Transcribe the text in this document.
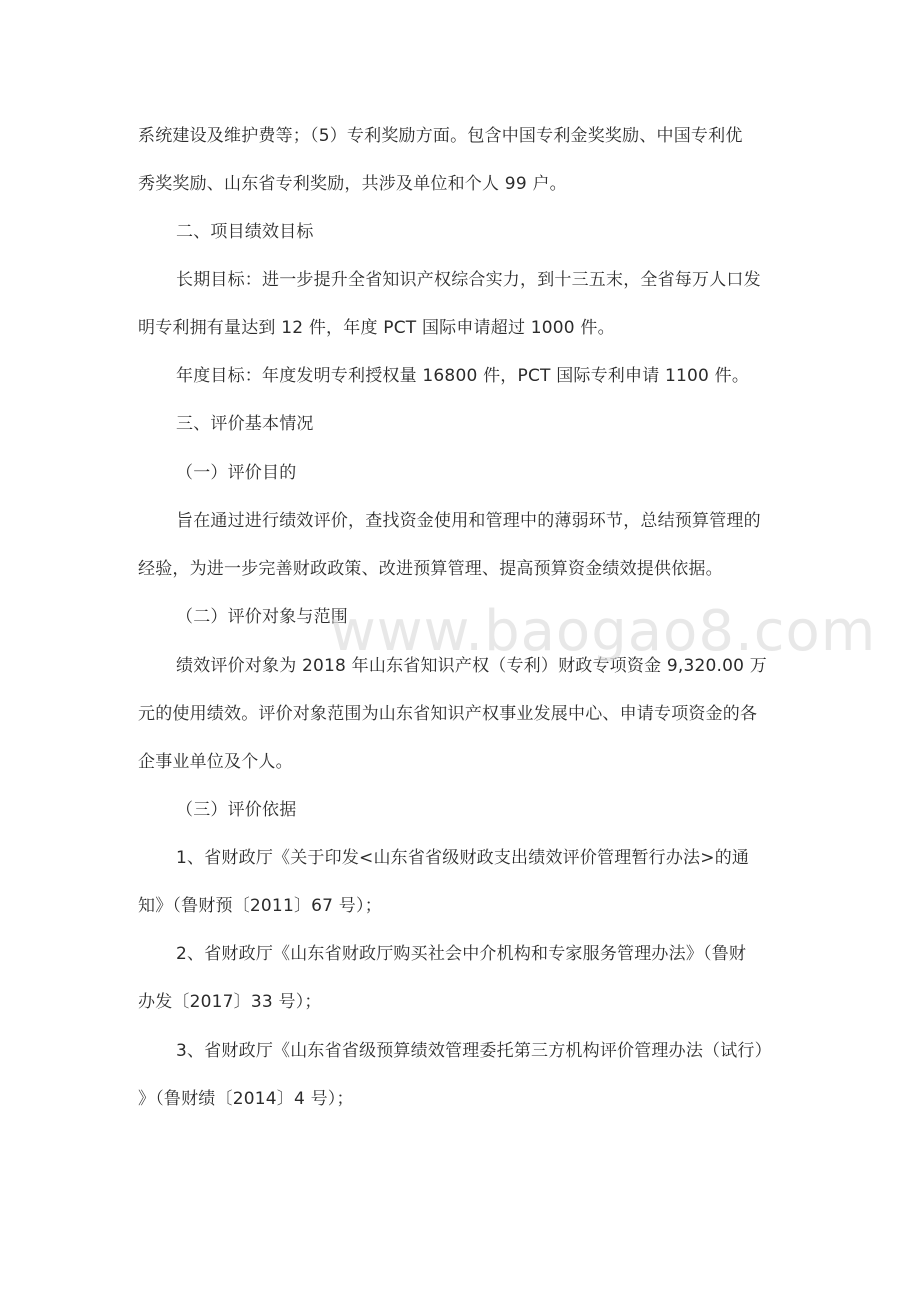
系统建设及维护费等；（5）专利奖励方面。包含中国专利金奖奖励、中国专利优
秀奖奖励、山东省专利奖励，共涉及单位和个人 99 户。
二、项目绩效目标
长期目标：进一步提升全省知识产权综合实力，到十三五末，全省每万人口发
明专利拥有量达到 12 件，年度 PCT 国际申请超过 1000 件。
年度目标：年度发明专利授权量 16800 件，PCT 国际专利申请 1100 件。
三、评价基本情况
（一）评价目的
旨在通过进行绩效评价，查找资金使用和管理中的薄弱环节，总结预算管理的
经验，为进一步完善财政政策、改进预算管理、提高预算资金绩效提供依据。
（二）评价对象与范围
绩效评价对象为 2018 年山东省知识产权（专利）财政专项资金 9,320.00 万
元的使用绩效。评价对象范围为山东省知识产权事业发展中心、申请专项资金的各
企事业单位及个人。
（三）评价依据
1、省财政厅《关于印发<山东省省级财政支出绩效评价管理暂行办法>的通
知》（鲁财预〔2011〕67 号）；
2、省财政厅《山东省财政厅购买社会中介机构和专家服务管理办法》（鲁财
办发〔2017〕33 号）；
3、省财政厅《山东省省级预算绩效管理委托第三方机构评价管理办法（试行）
》（鲁财绩〔2014〕4 号）；
www.baogao8.com
